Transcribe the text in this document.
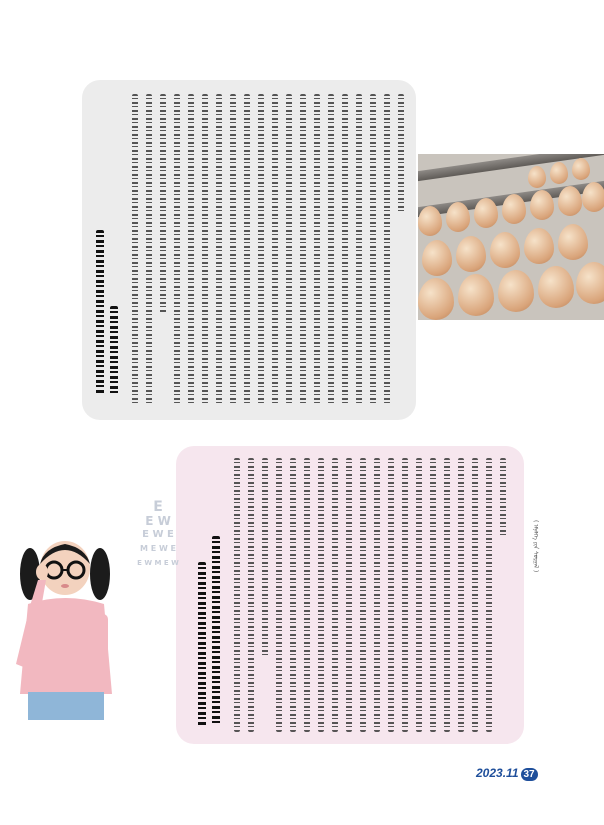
( ᠡᠮᠨᠡᠯᠭᠡ ᠶᠢᠨ ᠰᠤᠷᠭᠠᠯ )
E
E W
E W E
M E W E
E W M E W
2023.11 37
